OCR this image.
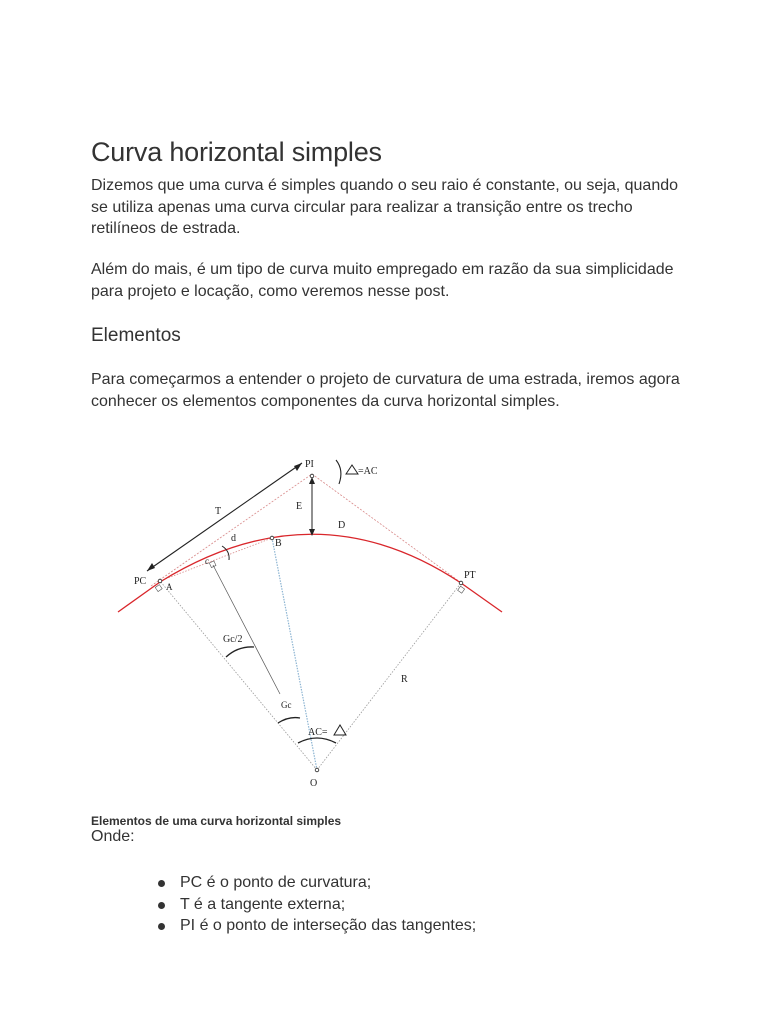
Curva horizontal simples

Dizemos que uma curva é simples quando o seu raio é constante, ou seja, quando se utiliza apenas uma curva circular para realizar a transição entre os trecho retilíneos de estrada.

Além do mais, é um tipo de curva muito empregado em razão da sua simplicidade para projeto e locação, como veremos nesse post.

Elementos

Para começarmos a entender o projeto de curvatura de uma estrada, iremos agora conhecer os elementos componentes da curva horizontal simples.

Elementos de uma curva horizontal simples

Onde:

PC é o ponto de curvatura;
T é a tangente externa;
PI é o ponto de interseção das tangentes;
PI
=AC
T	E
d
D
B
c
PC A
PT
Gc/2
Gc
R
AC=
O
